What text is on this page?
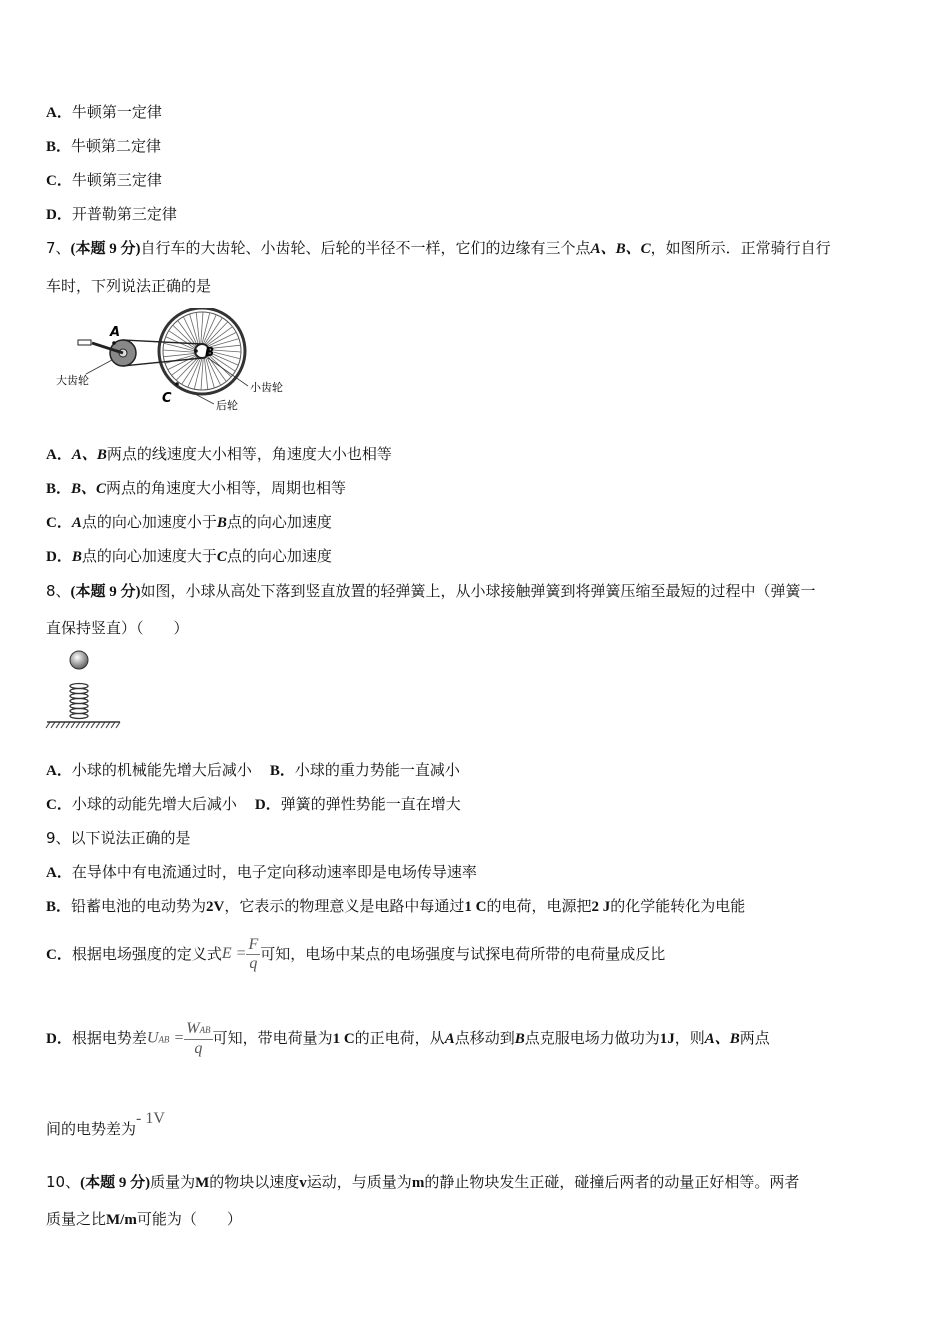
A．牛顿第一定律
B．牛顿第二定律
C．牛顿第三定律
D．开普勒第三定律
7、(本题 9 分)自行车的大齿轮、小齿轮、后轮的半径不一样，它们的边缘有三个点A、B、C，如图所示．正常骑行自行
车时，下列说法正确的是
A
B
C
大齿轮
小齿轮
后轮
A．A、B两点的线速度大小相等，角速度大小也相等
B．B、C两点的角速度大小相等，周期也相等
C．A点的向心加速度小于B点的向心加速度
D．B点的向心加速度大于C点的向心加速度
8、(本题 9 分)如图，小球从高处下落到竖直放置的轻弹簧上，从小球接触弹簧到将弹簧压缩至最短的过程中（弹簧一
直保持竖直）（　　）
A．小球的机械能先增大后减小 B．小球的重力势能一直减小
C．小球的动能先增大后减小 D．弹簧的弹性势能一直在增大
9、以下说法正确的是
A．在导体中有电流通过时，电子定向移动速率即是电场传导速率
B．铅蓄电池的电动势为2V，它表示的物理意义是电路中每通过1 C的电荷，电源把2 J的化学能转化为电能
C．根据电场强度的定义式$E = \frac{F}{q}$ 可知，电场中某点的电场强度与试探电荷所带的电荷量成反比
D．根据电势差UAB = $\frac{\text{WAB}}{q}$ 可知，带电荷量为1 C的正电荷，从A点移动到B点克服电场力做功为1J，则A、B两点
间的电势差为- 1V
10、(本题 9 分)质量为M的物块以速度v运动，与质量为m的静止物块发生正碰，碰撞后两者的动量正好相等。两者
质量之比M/m可能为（　　）
